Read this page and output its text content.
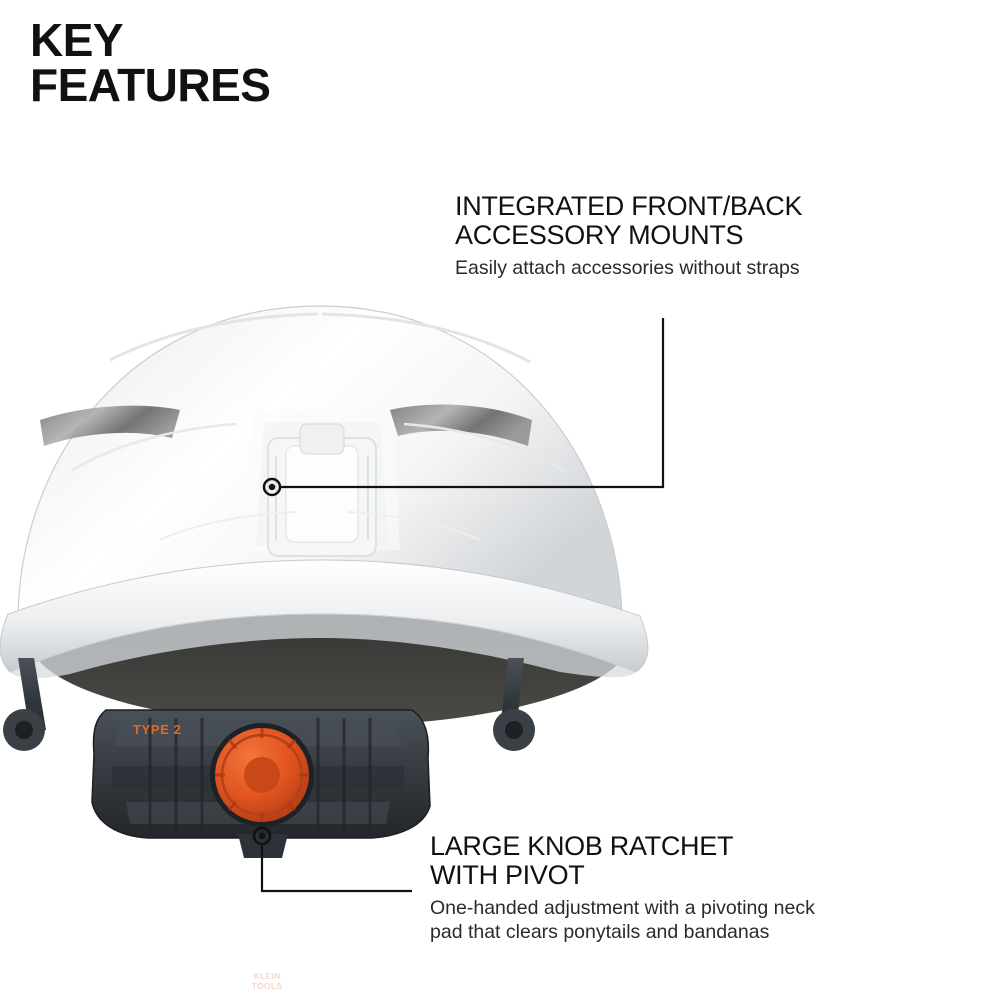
KEY
FEATURES
TYPE 2
KLEIN
TOOLS
INTEGRATED FRONT/BACK
ACCESSORY MOUNTS
Easily attach accessories without straps
LARGE KNOB RATCHET
WITH PIVOT
One-handed adjustment with a pivoting neck
pad that clears ponytails and bandanas
